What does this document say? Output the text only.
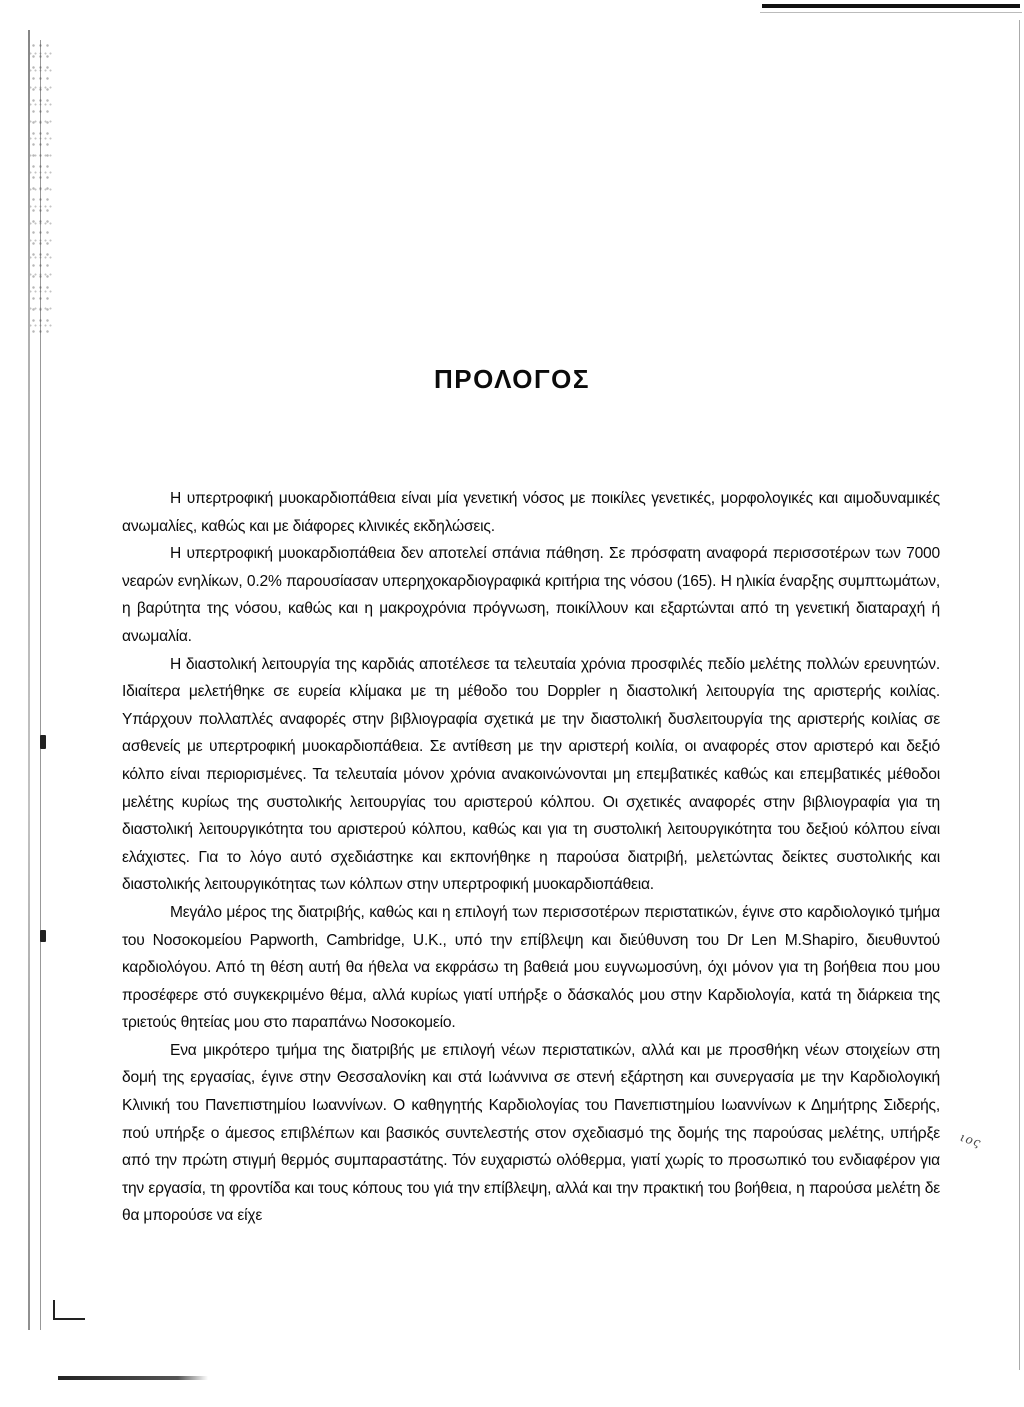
ιος
ΠΡΟΛΟΓΟΣ

Η υπερτροφική μυοκαρδιοπάθεια είναι μία γενετική νόσος με ποικίλες γενετικές, μορφολογικές και αιμοδυναμικές ανωμαλίες, καθώς και με διάφορες κλινικές εκδηλώσεις.

Η υπερτροφική μυοκαρδιοπάθεια δεν αποτελεί σπάνια πάθηση. Σε πρόσφατη αναφορά περισσοτέρων των 7000 νεαρών ενηλίκων, 0.2% παρουσίασαν υπερηχοκαρδιογραφικά κριτήρια της νόσου (165). Η ηλικία έναρξης συμπτωμάτων, η βαρύτητα της νόσου, καθώς και η μακροχρόνια πρόγνωση, ποικίλλουν και εξαρτώνται από τη γενετική διαταραχή ή ανωμαλία.

Η διαστολική λειτουργία της καρδιάς αποτέλεσε τα τελευταία χρόνια προσφιλές πεδίο μελέτης πολλών ερευνητών. Ιδιαίτερα μελετήθηκε σε ευρεία κλίμακα με τη μέθοδο του Doppler η διαστολική λειτουργία της αριστερής κοιλίας. Υπάρχουν πολλαπλές αναφορές στην βιβλιογραφία σχετικά με την διαστολική δυσλειτουργία της αριστερής κοιλίας σε ασθενείς με υπερτροφική μυοκαρδιοπάθεια. Σε αντίθεση με την αριστερή κοιλία, οι αναφορές στον αριστερό και δεξιό κόλπο είναι περιορισμένες. Τα τελευταία μόνον χρόνια ανακοινώνονται μη επεμβατικές καθώς και επεμβατικές μέθοδοι μελέτης κυρίως της συστολικής λειτουργίας του αριστερού κόλπου. Οι σχετικές αναφορές στην βιβλιογραφία για τη διαστολική λειτουργικότητα του αριστερού κόλπου, καθώς και για τη συστολική λειτουργικότητα του δεξιού κόλπου είναι ελάχιστες. Για το λόγο αυτό σχεδιάστηκε και εκπονήθηκε η παρούσα διατριβή, μελετώντας δείκτες συστολικής και διαστολικής λειτουργικότητας των κόλπων στην υπερτροφική μυοκαρδιοπάθεια.

Μεγάλο μέρος της διατριβής, καθώς και η επιλογή των περισσοτέρων περιστατικών, έγινε στο καρδιολογικό τμήμα του Νοσοκομείου Papworth, Cambridge, U.K., υπό την επίβλεψη και διεύθυνση του Dr Len M.Shapiro, διευθυντού καρδιολόγου. Από τη θέση αυτή θα ήθελα να εκφράσω τη βαθειά μου ευγνωμοσύνη, όχι μόνον για τη βοήθεια που μου προσέφερε στό συγκεκριμένο θέμα, αλλά κυρίως γιατί υπήρξε ο δάσκαλός μου στην Καρδιολογία, κατά τη διάρκεια της τριετούς θητείας μου στο παραπάνω Νοσοκομείο.

Ενα μικρότερο τμήμα της διατριβής με επιλογή νέων περιστατικών, αλλά και με προσθήκη νέων στοιχείων στη δομή της εργασίας, έγινε στην Θεσσαλονίκη και στά Ιωάννινα σε στενή εξάρτηση και συνεργασία με την Καρδιολογική Κλινική του Πανεπιστημίου Ιωαννίνων. Ο καθηγητής Καρδιολογίας του Πανεπιστημίου Ιωαννίνων κ Δημήτρης Σιδερής, πού υπήρξε ο άμεσος επιβλέπων και βασικός συντελεστής στον σχεδιασμό της δομής της παρούσας μελέτης, υπήρξε από την πρώτη στιγμή θερμός συμπαραστάτης. Τόν ευχαριστώ ολόθερμα, γιατί χωρίς το προσωπικό του ενδιαφέρον για την εργασία, τη φροντίδα και τους κόπους του γιά την επίβλεψη, αλλά και την πρακτική του βοήθεια, η παρούσα μελέτη δε θα μπορούσε να είχε
